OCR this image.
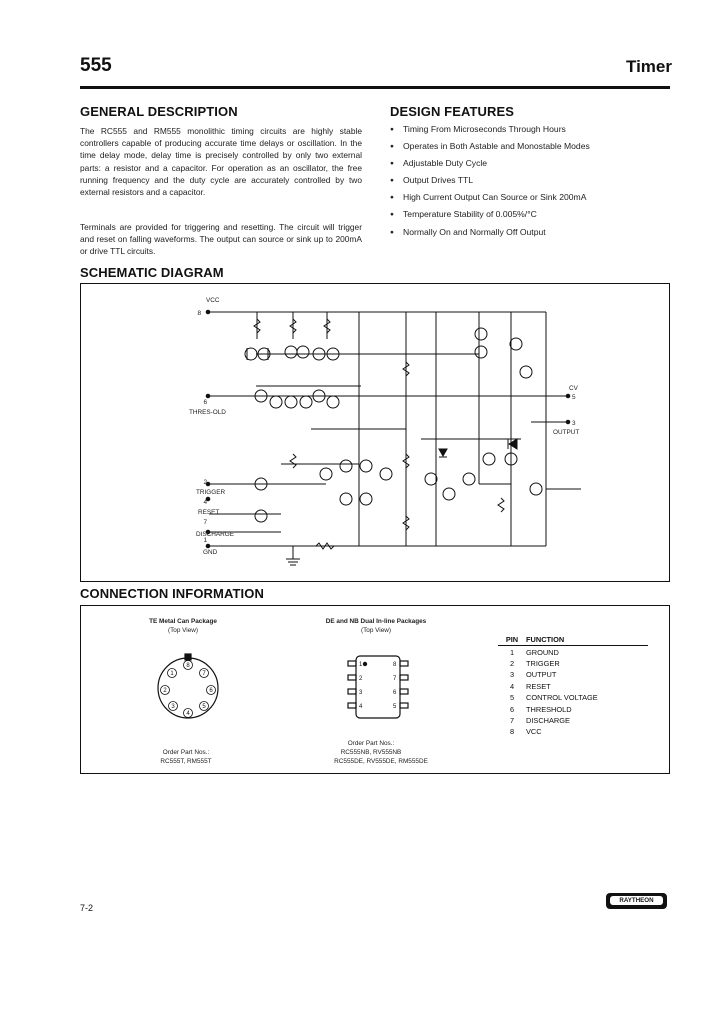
555	Timer
GENERAL DESCRIPTION
The RC555 and RM555 monolithic timing circuits are highly stable controllers capable of producing accurate time delays or oscillation. In the time delay mode, delay time is precisely controlled by only two external parts: a resistor and a capacitor. For operation as an oscillator, the free running frequency and the duty cycle are accurately controlled by two external resistors and a capacitor.
Terminals are provided for triggering and resetting. The circuit will trigger and reset on falling waveforms. The output can source or sink up to 200mA or drive TTL circuits.
DESIGN FEATURES
● Timing From Microseconds Through Hours
● Operates in Both Astable and Monostable Modes
● Adjustable Duty Cycle
● Output Drives TTL
● High Current Output Can Source or Sink 200mA
● Temperature Stability of 0.005%/°C
● Normally On and Normally Off Output
SCHEMATIC DIAGRAM
VCC
8
6
THRES-OLD
2
TRIGGER
4
RESET
7
DISCHARGE
1
GND
CV
5
3
OUTPUT
CONNECTION INFORMATION
TE Metal Can Package
(Top View)
8
1
2
3
4
5
6
7
Order Part Nos.:
RC555T, RM555T
DE and NB Dual In-line Packages
(Top View)
1
2
3
4
8
7
6
5
Order Part Nos.:
RC555NB, RV555NB
RC555DE, RV555DE, RM555DE
PIN	FUNCTION
1	GROUND
2	TRIGGER
3	OUTPUT
4	RESET
5	CONTROL VOLTAGE
6	THRESHOLD
7	DISCHARGE
8	VCC
7-2
RAYTHEON
